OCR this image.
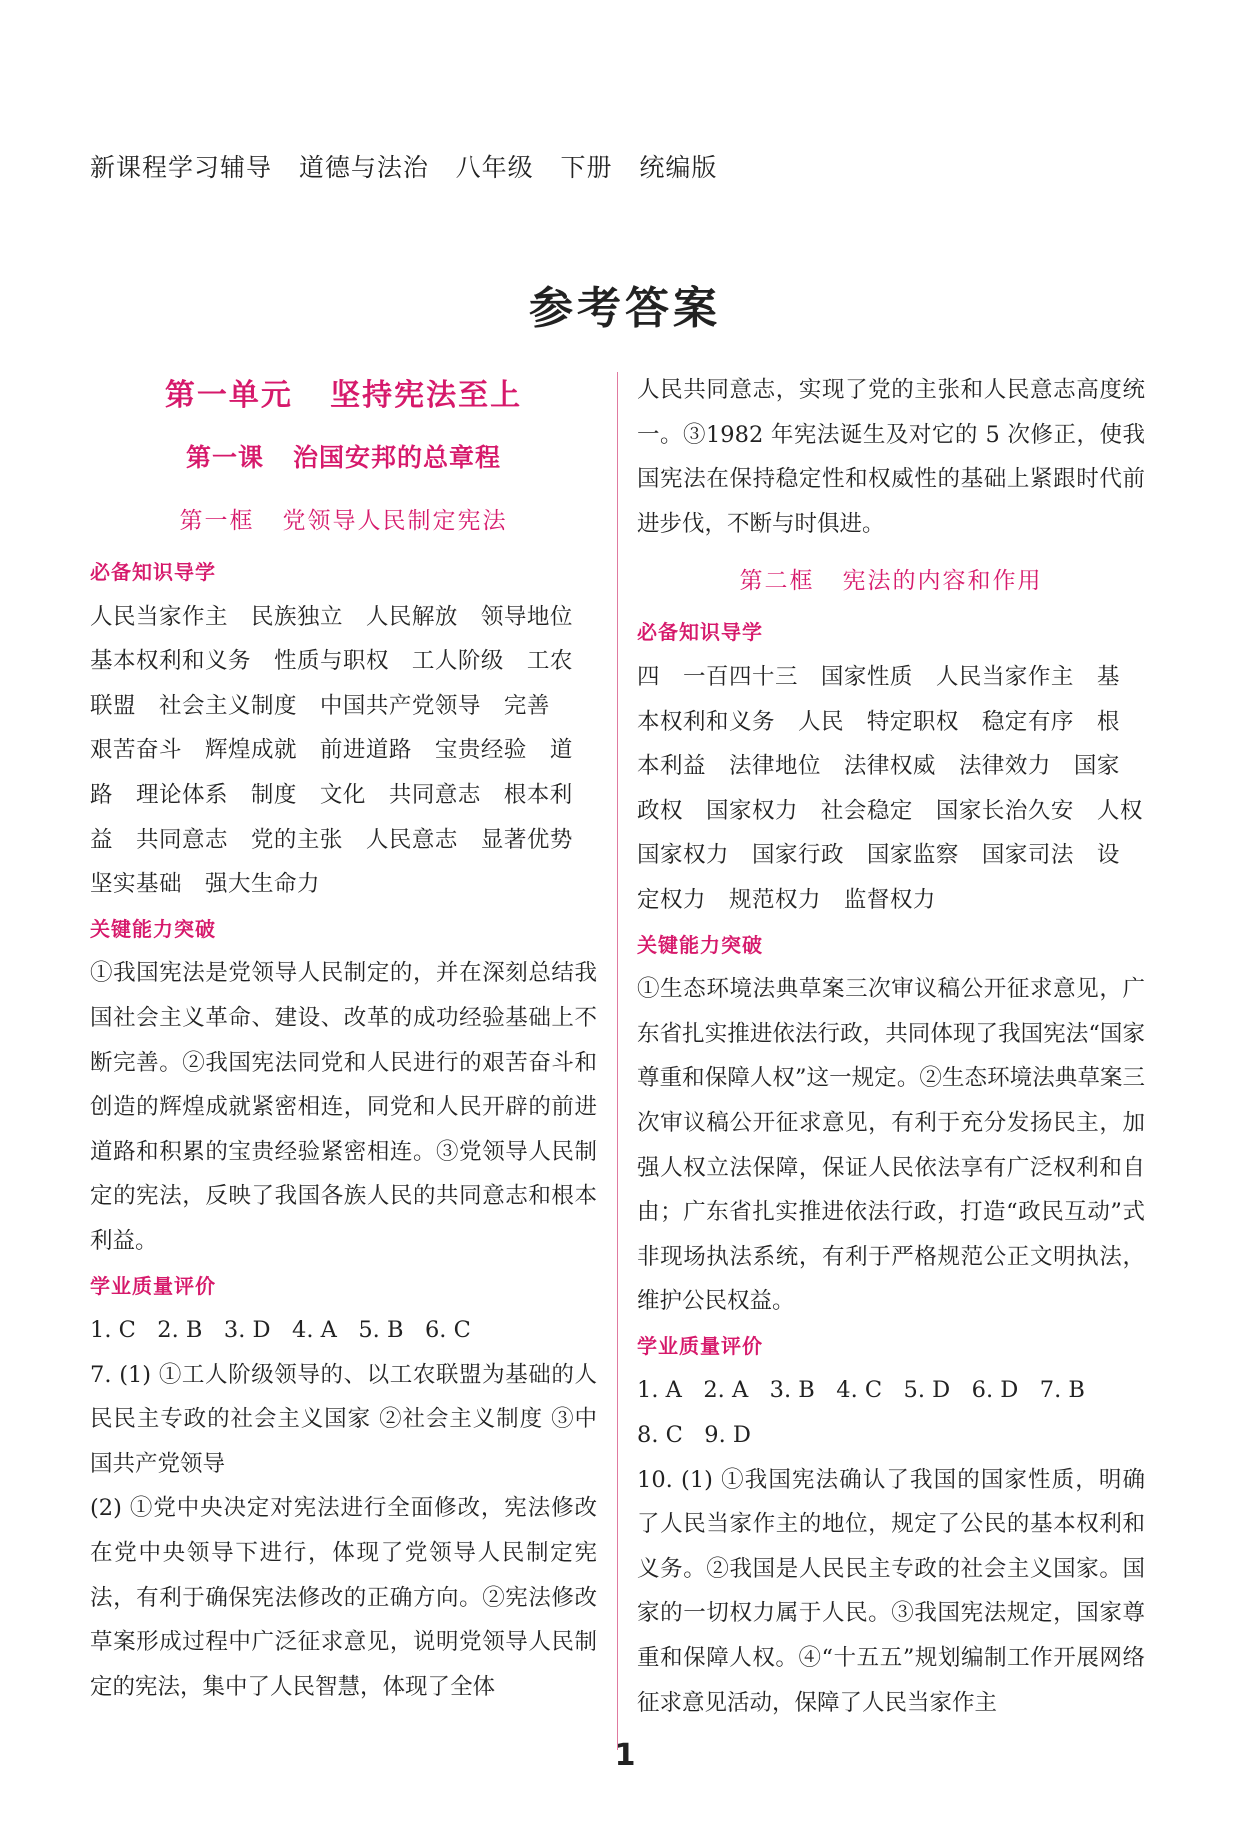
新课程学习辅导   道德与法治   八年级   下册   统编版
参考答案

第一单元   坚持宪法至上

第一课   治国安邦的总章程

第一框   党领导人民制定宪法

必备知识导学

人民当家作主   民族独立   人民解放   领导地位

基本权利和义务   性质与职权   工人阶级   工农

联盟   社会主义制度   中国共产党领导   完善

艰苦奋斗   辉煌成就   前进道路   宝贵经验   道

路   理论体系   制度   文化   共同意志   根本利

益   共同意志   党的主张   人民意志   显著优势

坚实基础   强大生命力

关键能力突破

①我国宪法是党领导人民制定的，并在深刻总结我国社会主义革命、建设、改革的成功经验基础上不断完善。②我国宪法同党和人民进行的艰苦奋斗和创造的辉煌成就紧密相连，同党和人民开辟的前进道路和积累的宝贵经验紧密相连。③党领导人民制定的宪法，反映了我国各族人民的共同意志和根本利益。

学业质量评价

1. C   2. B   3. D   4. A   5. B   6. C

7. (1) ①工人阶级领导的、以工农联盟为基础的人民民主专政的社会主义国家 ②社会主义制度 ③中国共产党领导

(2) ①党中央决定对宪法进行全面修改，宪法修改在党中央领导下进行，体现了党领导人民制定宪法，有利于确保宪法修改的正确方向。②宪法修改草案形成过程中广泛征求意见，说明党领导人民制定的宪法，集中了人民智慧，体现了全体

人民共同意志，实现了党的主张和人民意志高度统一。③1982 年宪法诞生及对它的 5 次修正，使我国宪法在保持稳定性和权威性的基础上紧跟时代前进步伐，不断与时俱进。

第二框   宪法的内容和作用

必备知识导学

四   一百四十三   国家性质   人民当家作主   基

本权利和义务   人民   特定职权   稳定有序   根

本利益   法律地位   法律权威   法律效力   国家

政权   国家权力   社会稳定   国家长治久安   人权

国家权力   国家行政   国家监察   国家司法   设

定权力   规范权力   监督权力

关键能力突破

①生态环境法典草案三次审议稿公开征求意见，广东省扎实推进依法行政，共同体现了我国宪法“国家尊重和保障人权”这一规定。②生态环境法典草案三次审议稿公开征求意见，有利于充分发扬民主，加强人权立法保障，保证人民依法享有广泛权利和自由；广东省扎实推进依法行政，打造“政民互动”式非现场执法系统，有利于严格规范公正文明执法，维护公民权益。

学业质量评价

1. A   2. A   3. B   4. C   5. D   6. D   7. B

8. C   9. D

10. (1) ①我国宪法确认了我国的国家性质，明确了人民当家作主的地位，规定了公民的基本权利和义务。②我国是人民民主专政的社会主义国家。国家的一切权力属于人民。③我国宪法规定，国家尊重和保障人权。④“十五五”规划编制工作开展网络征求意见活动，保障了人民当家作主

1
